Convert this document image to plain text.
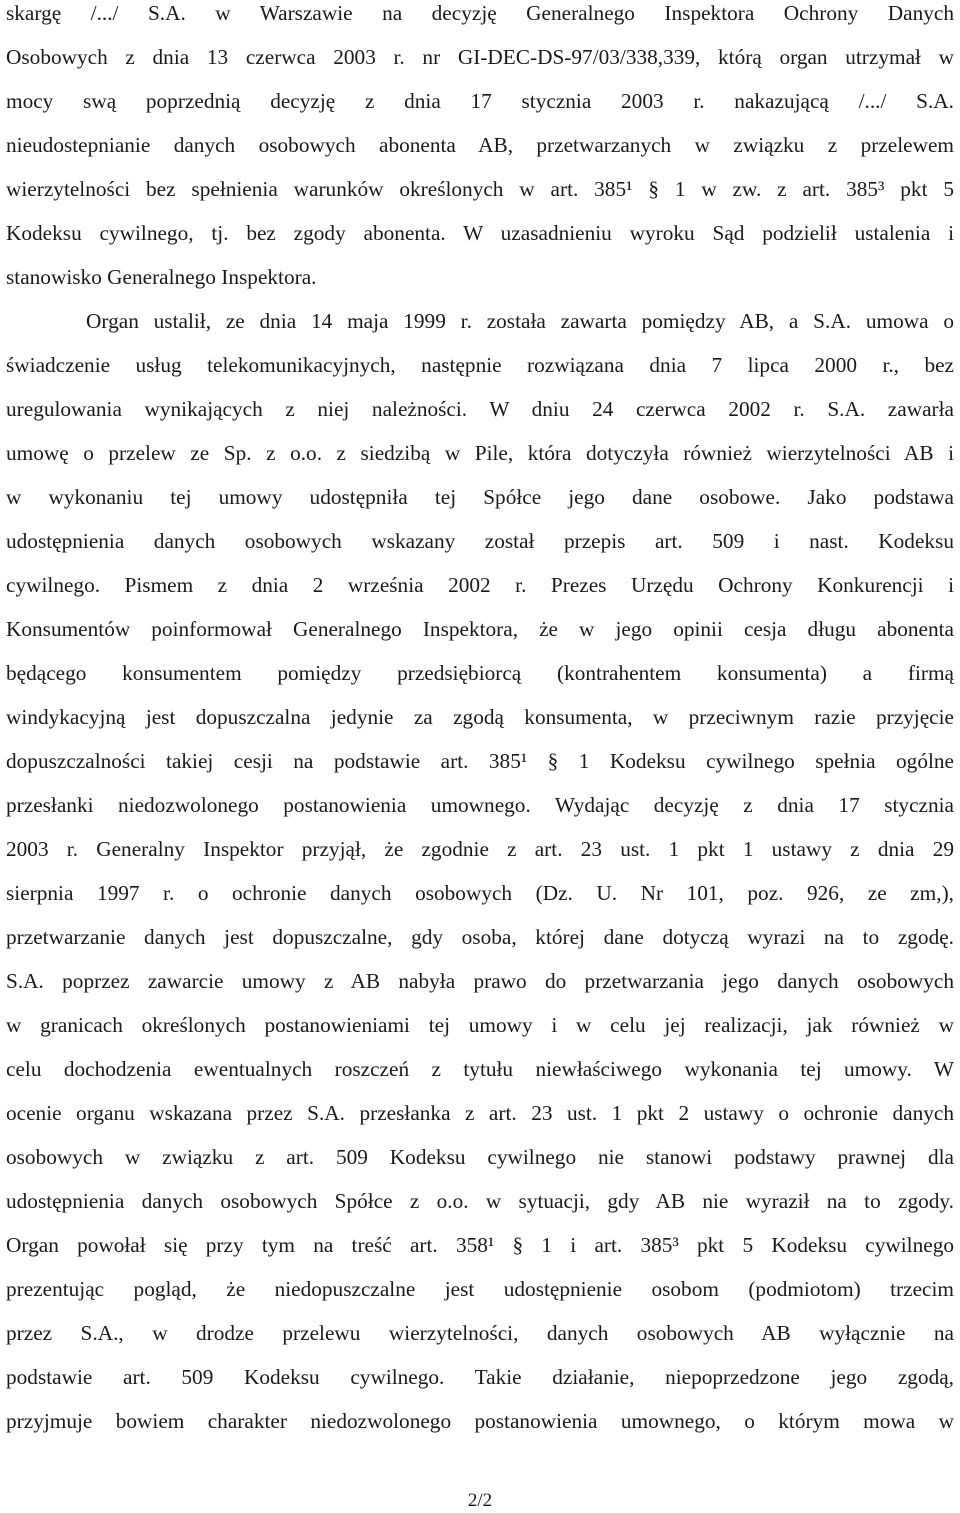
skargę /.../ S.A. w Warszawie na decyzję Generalnego Inspektora Ochrony Danych
Osobowych z dnia 13 czerwca 2003 r. nr GI-DEC-DS-97/03/338,339, którą organ utrzymał w
mocy swą poprzednią decyzję z dnia 17 stycznia 2003 r. nakazującą /.../ S.A.
nieudostepnianie danych osobowych abonenta AB, przetwarzanych w związku z przelewem
wierzytelności bez spełnienia warunków określonych w art. 385¹ § 1 w zw. z art. 385³ pkt 5
Kodeksu cywilnego, tj. bez zgody abonenta. W uzasadnieniu wyroku Sąd podzielił ustalenia i
stanowisko Generalnego Inspektora.
Organ ustalił, ze dnia 14 maja 1999 r. została zawarta pomiędzy AB, a S.A. umowa o
świadczenie usług telekomunikacyjnych, następnie rozwiązana dnia 7 lipca 2000 r., bez
uregulowania wynikających z niej należności. W dniu 24 czerwca 2002 r. S.A. zawarła
umowę o przelew ze Sp. z o.o. z siedzibą w Pile, która dotyczyła również wierzytelności AB i
w wykonaniu tej umowy udostępniła tej Spółce jego dane osobowe. Jako podstawa
udostępnienia danych osobowych wskazany został przepis art. 509 i nast. Kodeksu
cywilnego. Pismem z dnia 2 września 2002 r. Prezes Urzędu Ochrony Konkurencji i
Konsumentów poinformował Generalnego Inspektora, że w jego opinii cesja długu abonenta
będącego konsumentem pomiędzy przedsiębiorcą (kontrahentem konsumenta) a firmą
windykacyjną jest dopuszczalna jedynie za zgodą konsumenta, w przeciwnym razie przyjęcie
dopuszczalności takiej cesji na podstawie art. 385¹ § 1 Kodeksu cywilnego spełnia ogólne
przesłanki niedozwolonego postanowienia umownego. Wydając decyzję z dnia 17 stycznia
2003 r. Generalny Inspektor przyjął, że zgodnie z art. 23 ust. 1 pkt 1 ustawy z dnia 29
sierpnia 1997 r. o ochronie danych osobowych (Dz. U. Nr 101, poz. 926, ze zm,),
przetwarzanie danych jest dopuszczalne, gdy osoba, której dane dotyczą wyrazi na to zgodę.
S.A. poprzez zawarcie umowy z AB nabyła prawo do przetwarzania jego danych osobowych
w granicach określonych postanowieniami tej umowy i w celu jej realizacji, jak również w
celu dochodzenia ewentualnych roszczeń z tytułu niewłaściwego wykonania tej umowy. W
ocenie organu wskazana przez S.A. przesłanka z art. 23 ust. 1 pkt 2 ustawy o ochronie danych
osobowych w związku z art. 509 Kodeksu cywilnego nie stanowi podstawy prawnej dla
udostępnienia danych osobowych Spółce z o.o. w sytuacji, gdy AB nie wyraził na to zgody.
Organ powołał się przy tym na treść art. 358¹ § 1 i art. 385³ pkt 5 Kodeksu cywilnego
prezentując pogląd, że niedopuszczalne jest udostępnienie osobom (podmiotom) trzecim
przez S.A., w drodze przelewu wierzytelności, danych osobowych AB wyłącznie na
podstawie art. 509 Kodeksu cywilnego. Takie działanie, niepoprzedzone jego zgodą,
przyjmuje bowiem charakter niedozwolonego postanowienia umownego, o którym mowa w
2/2
